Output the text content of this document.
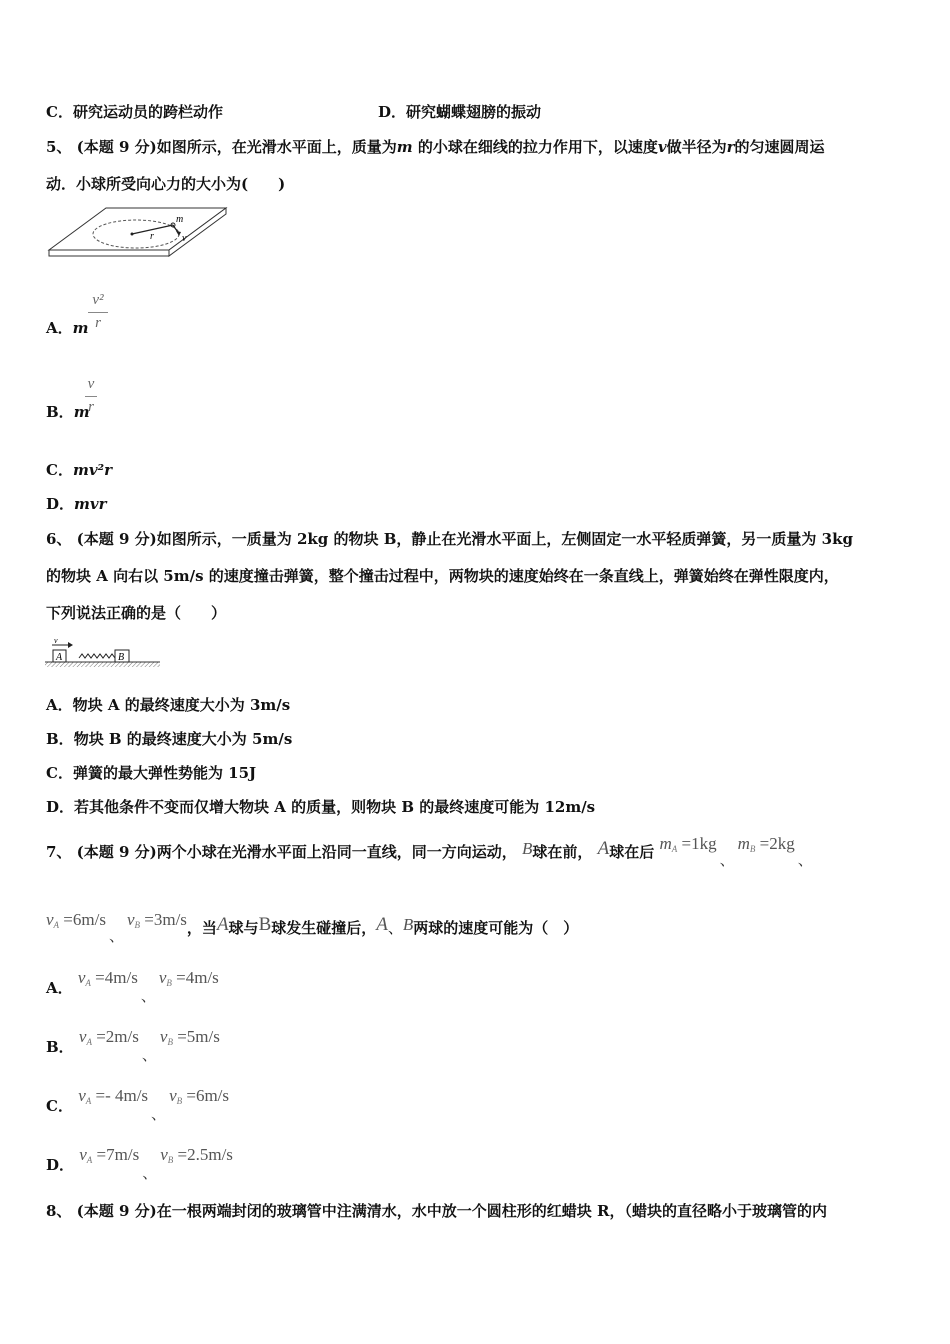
C．研究运动员的跨栏动作	D．研究蝴蝶翅膀的振动
5、 (本题 9 分)如图所示，在光滑水平面上，质量为m 的小球在细线的拉力作用下，以速度v做半径为r的匀速圆周运
动．小球所受向心力的大小为(　　)
m
r	v
A．m
v²
r
B．m
v
r
C．mv²r
D．mvr
6、 (本题 9 分)如图所示，一质量为 2kg 的物块 B，静止在光滑水平面上，左侧固定一水平轻质弹簧，另一质量为 3kg
的物块 A 向右以 5m/s 的速度撞击弹簧，整个撞击过程中，两物块的速度始终在一条直线上，弹簧始终在弹性限度内，
下列说法正确的是（　　）
v
A	B
A．物块 A 的最终速度大小为 3m/s
B．物块 B 的最终速度大小为 5m/s
C．弹簧的最大弹性势能为 15J
D．若其他条件不变而仅增大物块 A 的质量，则物块 B 的最终速度可能为 12m/s
7、 (本题 9 分)两个小球在光滑水平面上沿同一直线，同一方向运动， B球在前， A球在后 $m_A =1kg$、$m_B =2kg$、
$v_A =6m/s$、$v_B =3m/s$，当A球与B球发生碰撞后，A、B两球的速度可能为（　）
A． $v_A =4m/s$、$v_B =4m/s$
B． $v_A =2m/s$、$v_B =5m/s$
C． $v_A =- 4m/s$、$v_B =6m/s$
D． $v_A =7m/s$、$v_B =2.5m/s$
8、 (本题 9 分)在一根两端封闭的玻璃管中注满清水，水中放一个圆柱形的红蜡块 R，（蜡块的直径略小于玻璃管的内
